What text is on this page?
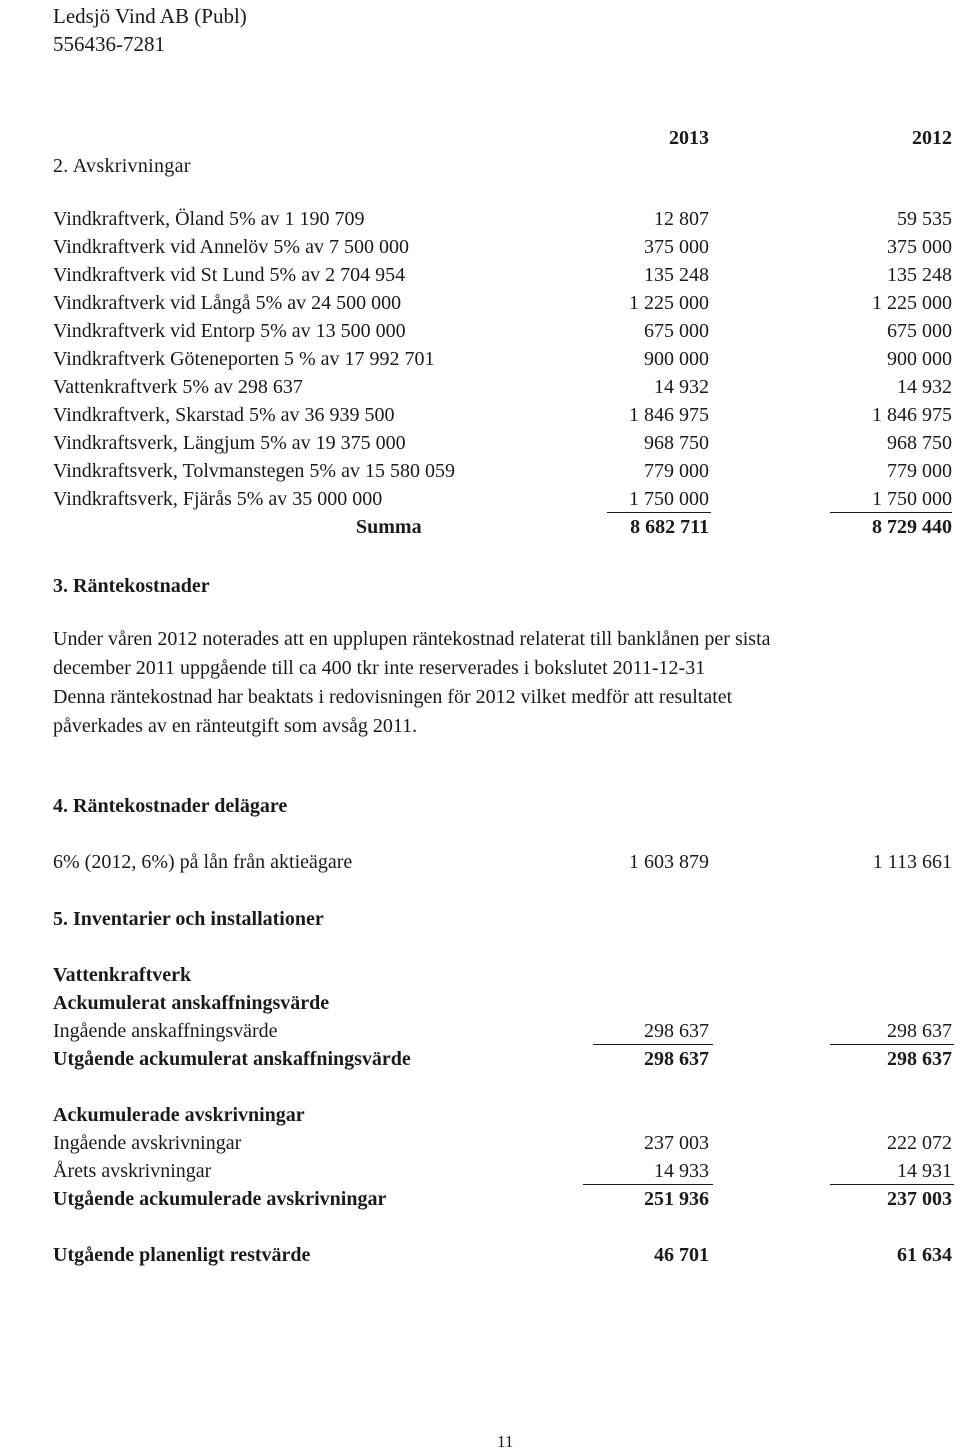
Ledsjö Vind AB (Publ)
556436-7281
2013	2012
2. Avskrivningar
Vindkraftverk, Öland 5% av 1 190 709	12 807	59 535
Vindkraftverk vid Annelöv 5% av 7 500 000	375 000	375 000
Vindkraftverk vid St Lund 5% av 2 704 954	135 248	135 248
Vindkraftverk vid Långå 5% av 24 500 000	1 225 000	1 225 000
Vindkraftverk vid Entorp 5% av 13 500 000	675 000	675 000
Vindkraftverk Göteneporten 5 % av 17 992 701	900 000	900 000
Vattenkraftverk 5% av 298 637	14 932	14 932
Vindkraftverk, Skarstad 5% av 36 939 500	1 846 975	1 846 975
Vindkraftsverk, Längjum 5% av 19 375 000	968 750	968 750
Vindkraftsverk, Tolvmanstegen 5% av 15 580 059	779 000	779 000
Vindkraftsverk, Fjärås 5% av 35 000 000	1 750 000	1 750 000
Summa	8 682 711	8 729 440
3. Räntekostnader

Under våren 2012 noterades att en upplupen räntekostnad relaterat till banklånen per sista

december 2011 uppgående till ca 400 tkr inte reserverades i bokslutet 2011-12-31

Denna räntekostnad har beaktats i redovisningen för 2012 vilket medför att resultatet

påverkades av en ränteutgift som avsåg 2011.

4. Räntekostnader delägare
6% (2012, 6%) på lån från aktieägare	1 603 879	1 113 661
5. Inventarier och installationer
Vattenkraftverk
Ackumulerat anskaffningsvärde
Ingående anskaffningsvärde	298 637	298 637
Utgående ackumulerat anskaffningsvärde	298 637	298 637
Ackumulerade avskrivningar
Ingående avskrivningar	237 003	222 072
Årets avskrivningar	14 933	14 931
Utgående ackumulerade avskrivningar	251 936	237 003
Utgående planenligt restvärde	46 701	61 634
11
